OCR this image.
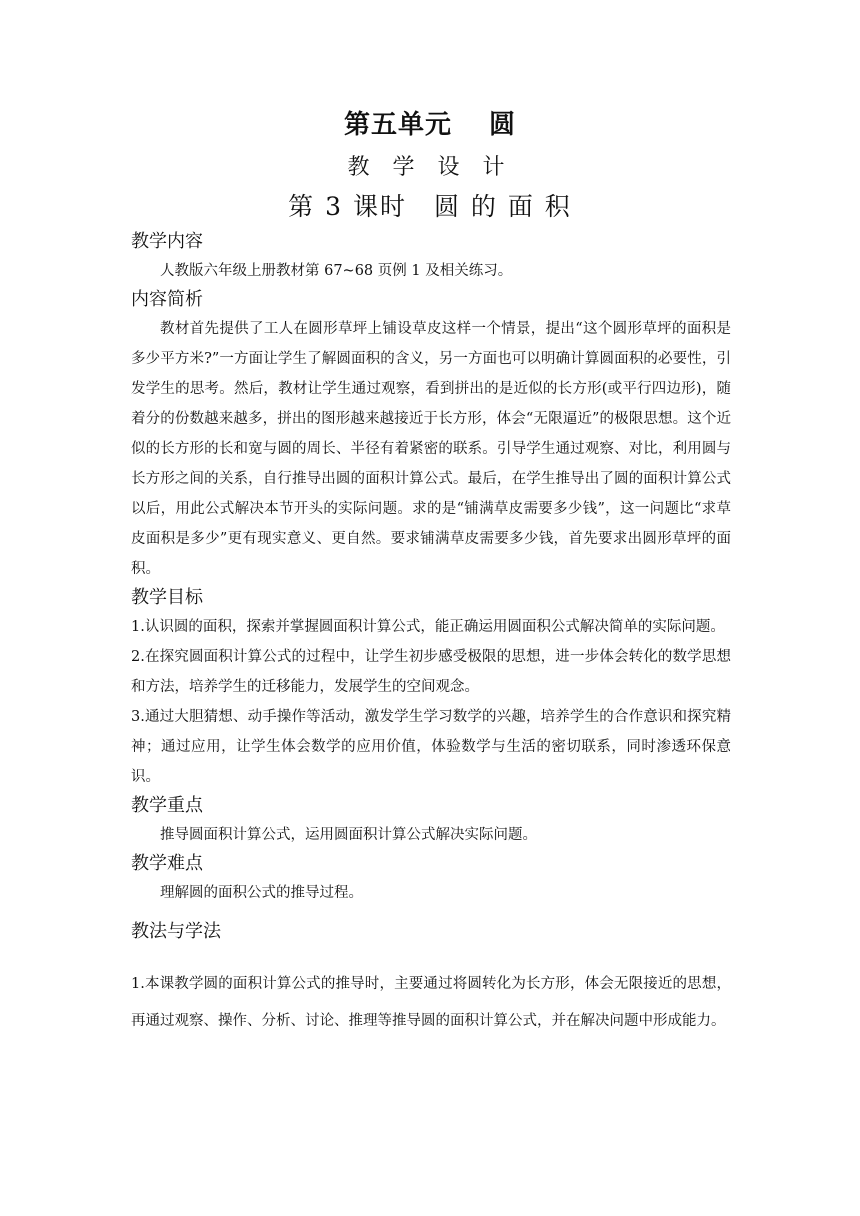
第五单元　 圆
教 学 设 计
第 3 课时　圆 的 面 积
教学内容

人教版六年级上册教材第 67~68 页例 1 及相关练习。

内容简析

教材首先提供了工人在圆形草坪上铺设草皮这样一个情景，提出“这个圆形草坪的面积是多少平方米?”一方面让学生了解圆面积的含义，另一方面也可以明确计算圆面积的必要性，引发学生的思考。然后，教材让学生通过观察，看到拼出的是近似的长方形(或平行四边形)，随着分的份数越来越多，拼出的图形越来越接近于长方形，体会“无限逼近”的极限思想。这个近似的长方形的长和宽与圆的周长、半径有着紧密的联系。引导学生通过观察、对比，利用圆与长方形之间的关系，自行推导出圆的面积计算公式。最后，在学生推导出了圆的面积计算公式以后，用此公式解决本节开头的实际问题。求的是“铺满草皮需要多少钱”，这一问题比“求草皮面积是多少”更有现实意义、更自然。要求铺满草皮需要多少钱，首先要求出圆形草坪的面积。

教学目标

1.认识圆的面积，探索并掌握圆面积计算公式，能正确运用圆面积公式解决简单的实际问题。

2.在探究圆面积计算公式的过程中，让学生初步感受极限的思想，进一步体会转化的数学思想和方法，培养学生的迁移能力，发展学生的空间观念。

3.通过大胆猜想、动手操作等活动，激发学生学习数学的兴趣，培养学生的合作意识和探究精神；通过应用，让学生体会数学的应用价值，体验数学与生活的密切联系，同时渗透环保意识。

教学重点

推导圆面积计算公式，运用圆面积计算公式解决实际问题。

教学难点

理解圆的面积公式的推导过程。

教法与学法

1.本课教学圆的面积计算公式的推导时，主要通过将圆转化为长方形，体会无限接近的思想，再通过观察、操作、分析、讨论、推理等推导圆的面积计算公式，并在解决问题中形成能力。
